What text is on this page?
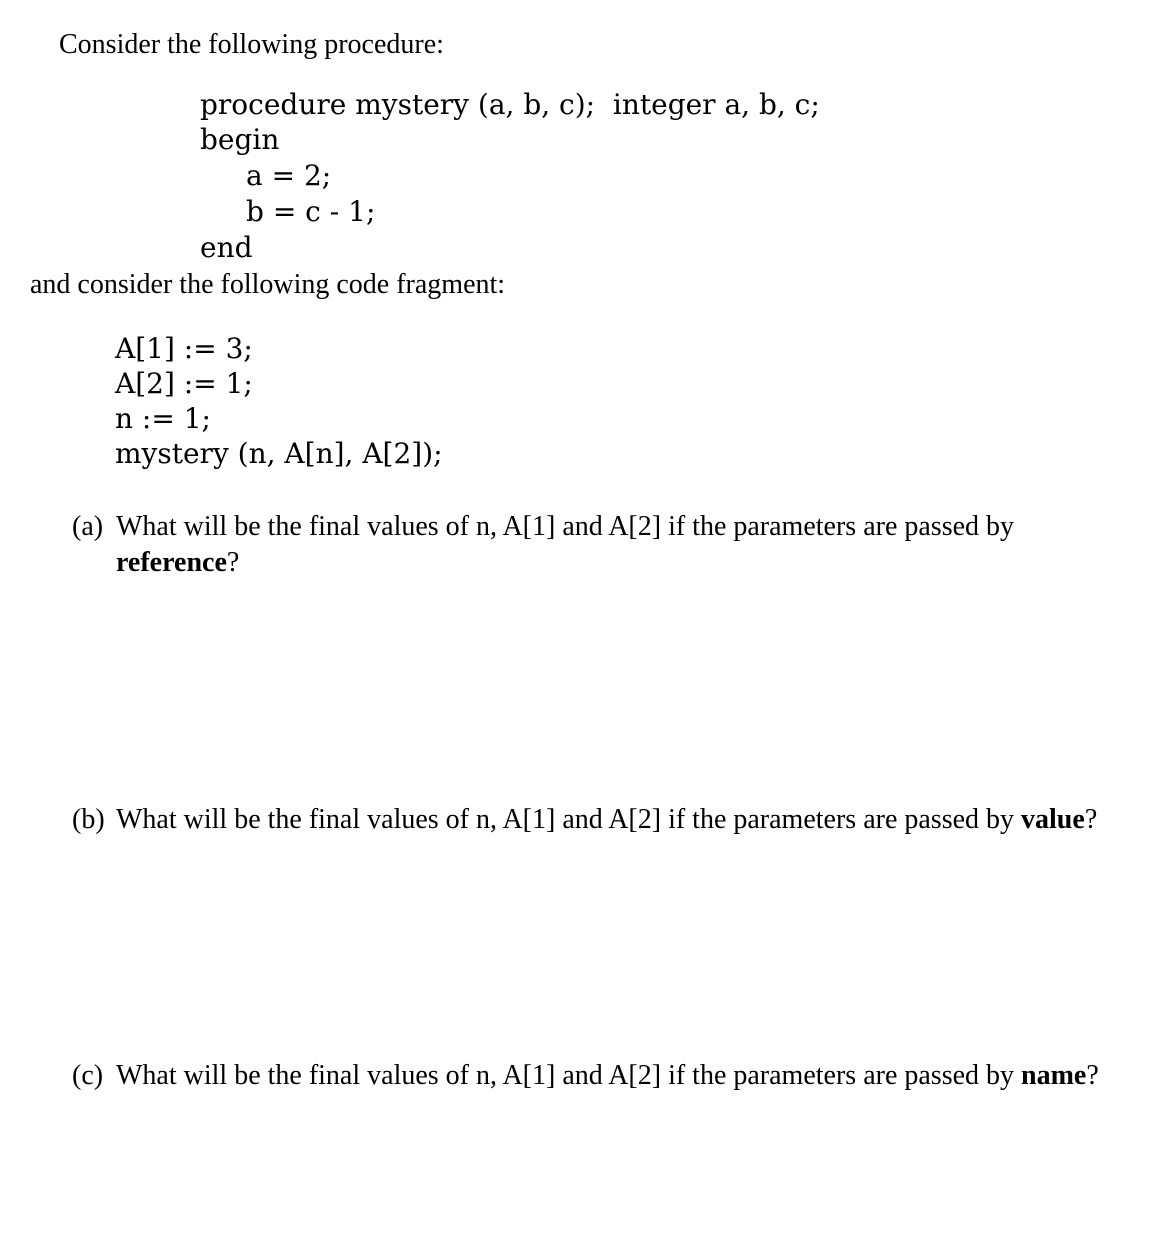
Consider the following procedure:
procedure mystery (a, b, c);  integer a, b, c;
begin
a = 2;
b = c - 1;
end
and consider the following code fragment:
A[1] := 3;
A[2] := 1;
n := 1;
mystery (n, A[n], A[2]);
(a) What will be the final values of n, A[1] and A[2] if the parameters are passed by
reference?
(b) What will be the final values of n, A[1] and A[2] if the parameters are passed by value?
(c) What will be the final values of n, A[1] and A[2] if the parameters are passed by name?
